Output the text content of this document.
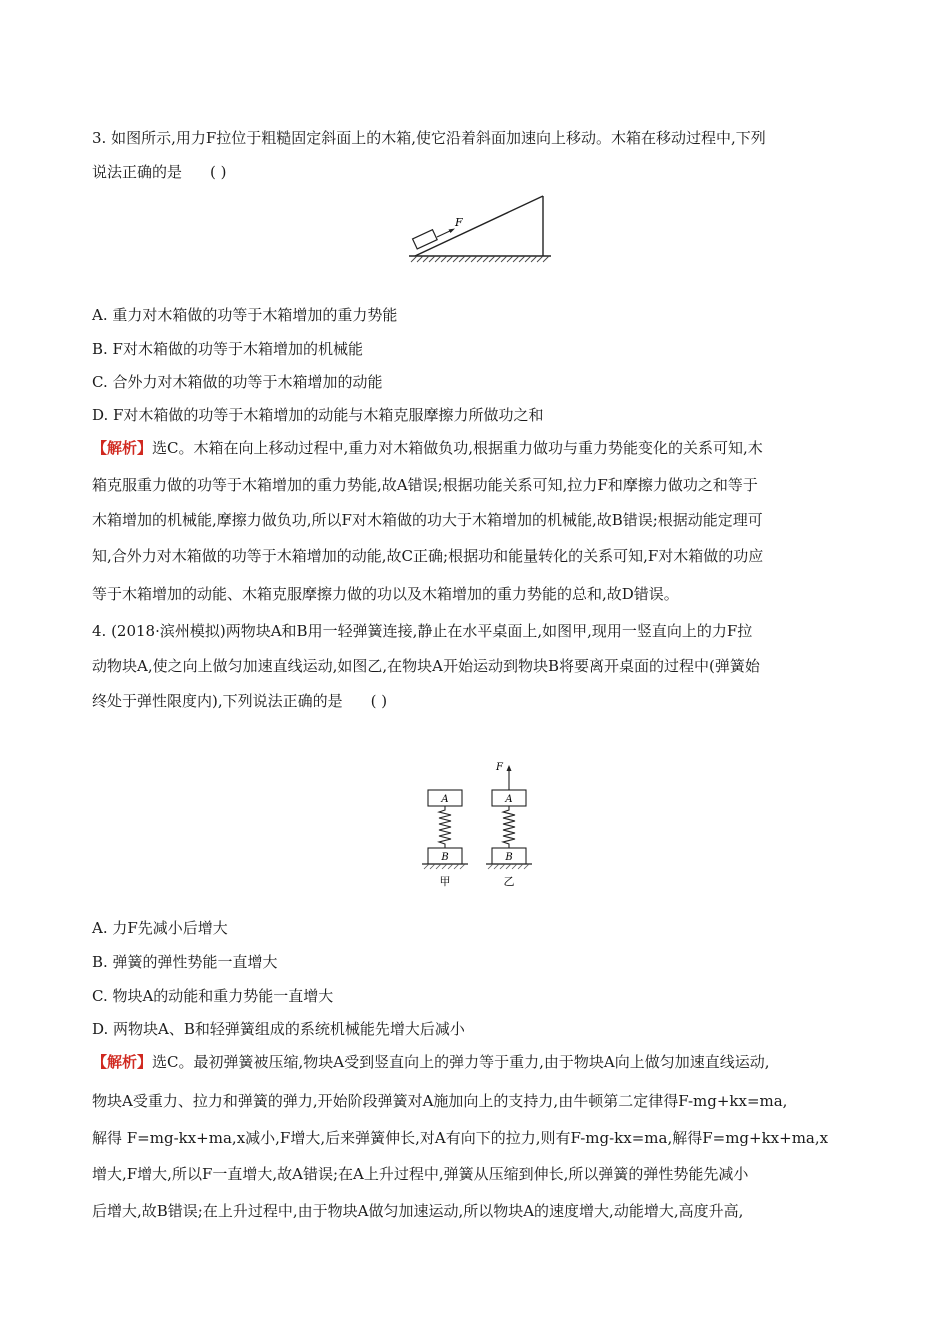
3. 如图所示,用力F拉位于粗糙固定斜面上的木箱,使它沿着斜面加速向上移动。木箱在移动过程中,下列
说法正确的是 ( )
F
A. 重力对木箱做的功等于木箱增加的重力势能
B. F对木箱做的功等于木箱增加的机械能
C. 合外力对木箱做的功等于木箱增加的动能
D. F对木箱做的功等于木箱增加的动能与木箱克服摩擦力所做功之和
【解析】选C。木箱在向上移动过程中,重力对木箱做负功,根据重力做功与重力势能变化的关系可知,木
箱克服重力做的功等于木箱增加的重力势能,故A错误;根据功能关系可知,拉力F和摩擦力做功之和等于
木箱增加的机械能,摩擦力做负功,所以F对木箱做的功大于木箱增加的机械能,故B错误;根据动能定理可
知,合外力对木箱做的功等于木箱增加的动能,故C正确;根据功和能量转化的关系可知,F对木箱做的功应
等于木箱增加的动能、木箱克服摩擦力做的功以及木箱增加的重力势能的总和,故D错误。
4. (2018·滨州模拟)两物块A和B用一轻弹簧连接,静止在水平桌面上,如图甲,现用一竖直向上的力F拉
动物块A,使之向上做匀加速直线运动,如图乙,在物块A开始运动到物块B将要离开桌面的过程中(弹簧始
终处于弹性限度内),下列说法正确的是 ( )
A
B
甲
A
F
B
乙
A. 力F先减小后增大
B. 弹簧的弹性势能一直增大
C. 物块A的动能和重力势能一直增大
D. 两物块A、B和轻弹簧组成的系统机械能先增大后减小
【解析】选C。最初弹簧被压缩,物块A受到竖直向上的弹力等于重力,由于物块A向上做匀加速直线运动,
物块A受重力、拉力和弹簧的弹力,开始阶段弹簧对A施加向上的支持力,由牛顿第二定律得F-mg+kx=ma,
解得 F=mg-kx+ma,x减小,F增大,后来弹簧伸长,对A有向下的拉力,则有F-mg-kx=ma,解得F=mg+kx+ma,x
增大,F增大,所以F一直增大,故A错误;在A上升过程中,弹簧从压缩到伸长,所以弹簧的弹性势能先减小
后增大,故B错误;在上升过程中,由于物块A做匀加速运动,所以物块A的速度增大,动能增大,高度升高,
